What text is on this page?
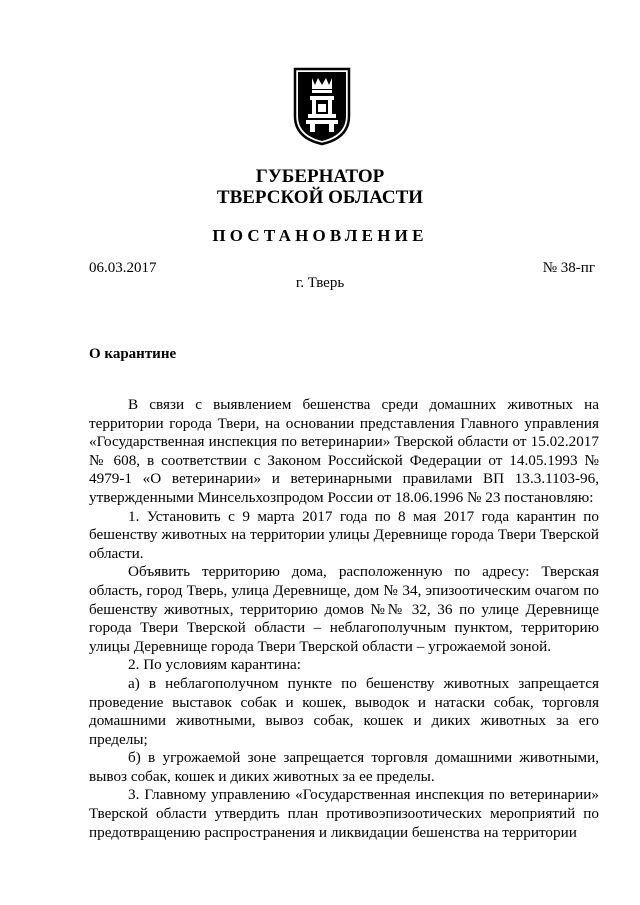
ГУБЕРНАТОР
ТВЕРСКОЙ ОБЛАСТИ
ПОСТАНОВЛЕНИЕ
06.03.2017	№ 38-пг
г. Тверь
О карантине

В связи с выявлением бешенства среди домашних животных на территории города Твери, на основании представления Главного управления «Государственная инспекция по ветеринарии» Тверской области от 15.02.2017 № 608, в соответствии с Законом Российской Федерации от 14.05.1993 № 4979-1 «О ветеринарии» и ветеринарными правилами ВП 13.3.1103-96, утвержденными Минсельхозпродом России от 18.06.1996 № 23 постановляю:

1. Установить с 9 марта 2017 года по 8 мая 2017 года карантин по бешенству животных на территории улицы Деревнище города Твери Тверской области.

Объявить территорию дома, расположенную по адресу: Тверская область, город Тверь, улица Деревнище, дом № 34, эпизоотическим очагом по бешенству животных, территорию домов №№ 32, 36 по улице Деревнище города Твери Тверской области – неблагополучным пунктом, территорию улицы Деревнище города Твери Тверской области – угрожаемой зоной.

2. По условиям карантина:

а) в неблагополучном пункте по бешенству животных запрещается проведение выставок собак и кошек, выводок и натаски собак, торговля домашними животными, вывоз собак, кошек и диких животных за его пределы;

б) в угрожаемой зоне запрещается торговля домашними животными, вывоз собак, кошек и диких животных за ее пределы.

3. Главному управлению «Государственная инспекция по ветеринарии» Тверской области утвердить план противоэпизоотических мероприятий по предотвращению распространения и ликвидации бешенства на территории
